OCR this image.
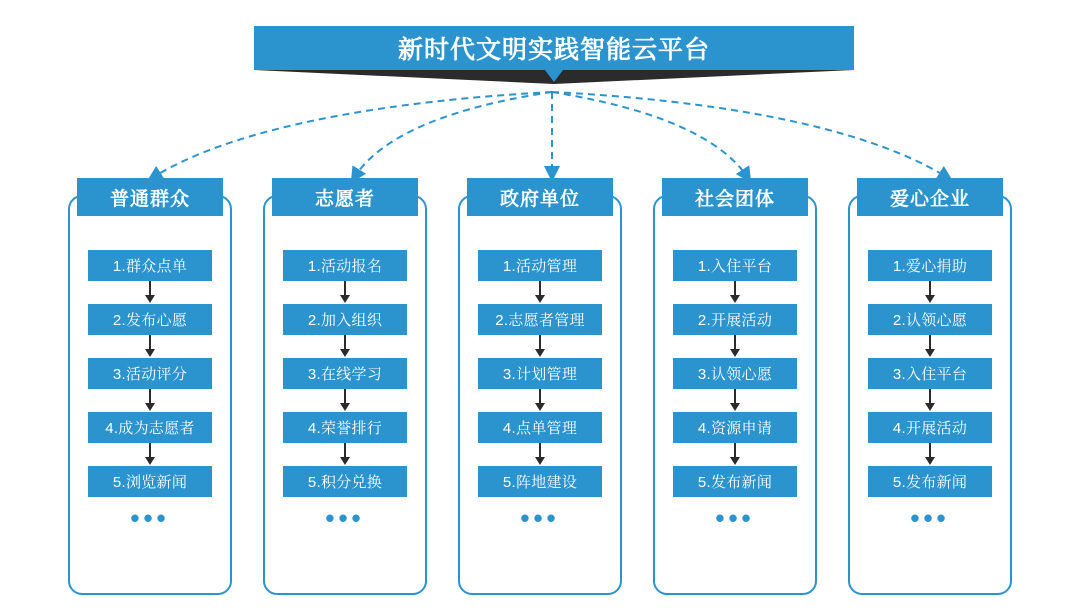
新时代文明实践智能云平台
普通群众
1.群众点单
2.发布心愿
3.活动评分
4.成为志愿者
5.浏览新闻
•••
志愿者
1.活动报名
2.加入组织
3.在线学习
4.荣誉排行
5.积分兑换
•••
政府单位
1.活动管理
2.志愿者管理
3.计划管理
4.点单管理
5.阵地建设
•••
社会团体
1.入住平台
2.开展活动
3.认领心愿
4.资源申请
5.发布新闻
•••
爱心企业
1.爱心捐助
2.认领心愿
3.入住平台
4.开展活动
5.发布新闻
•••
